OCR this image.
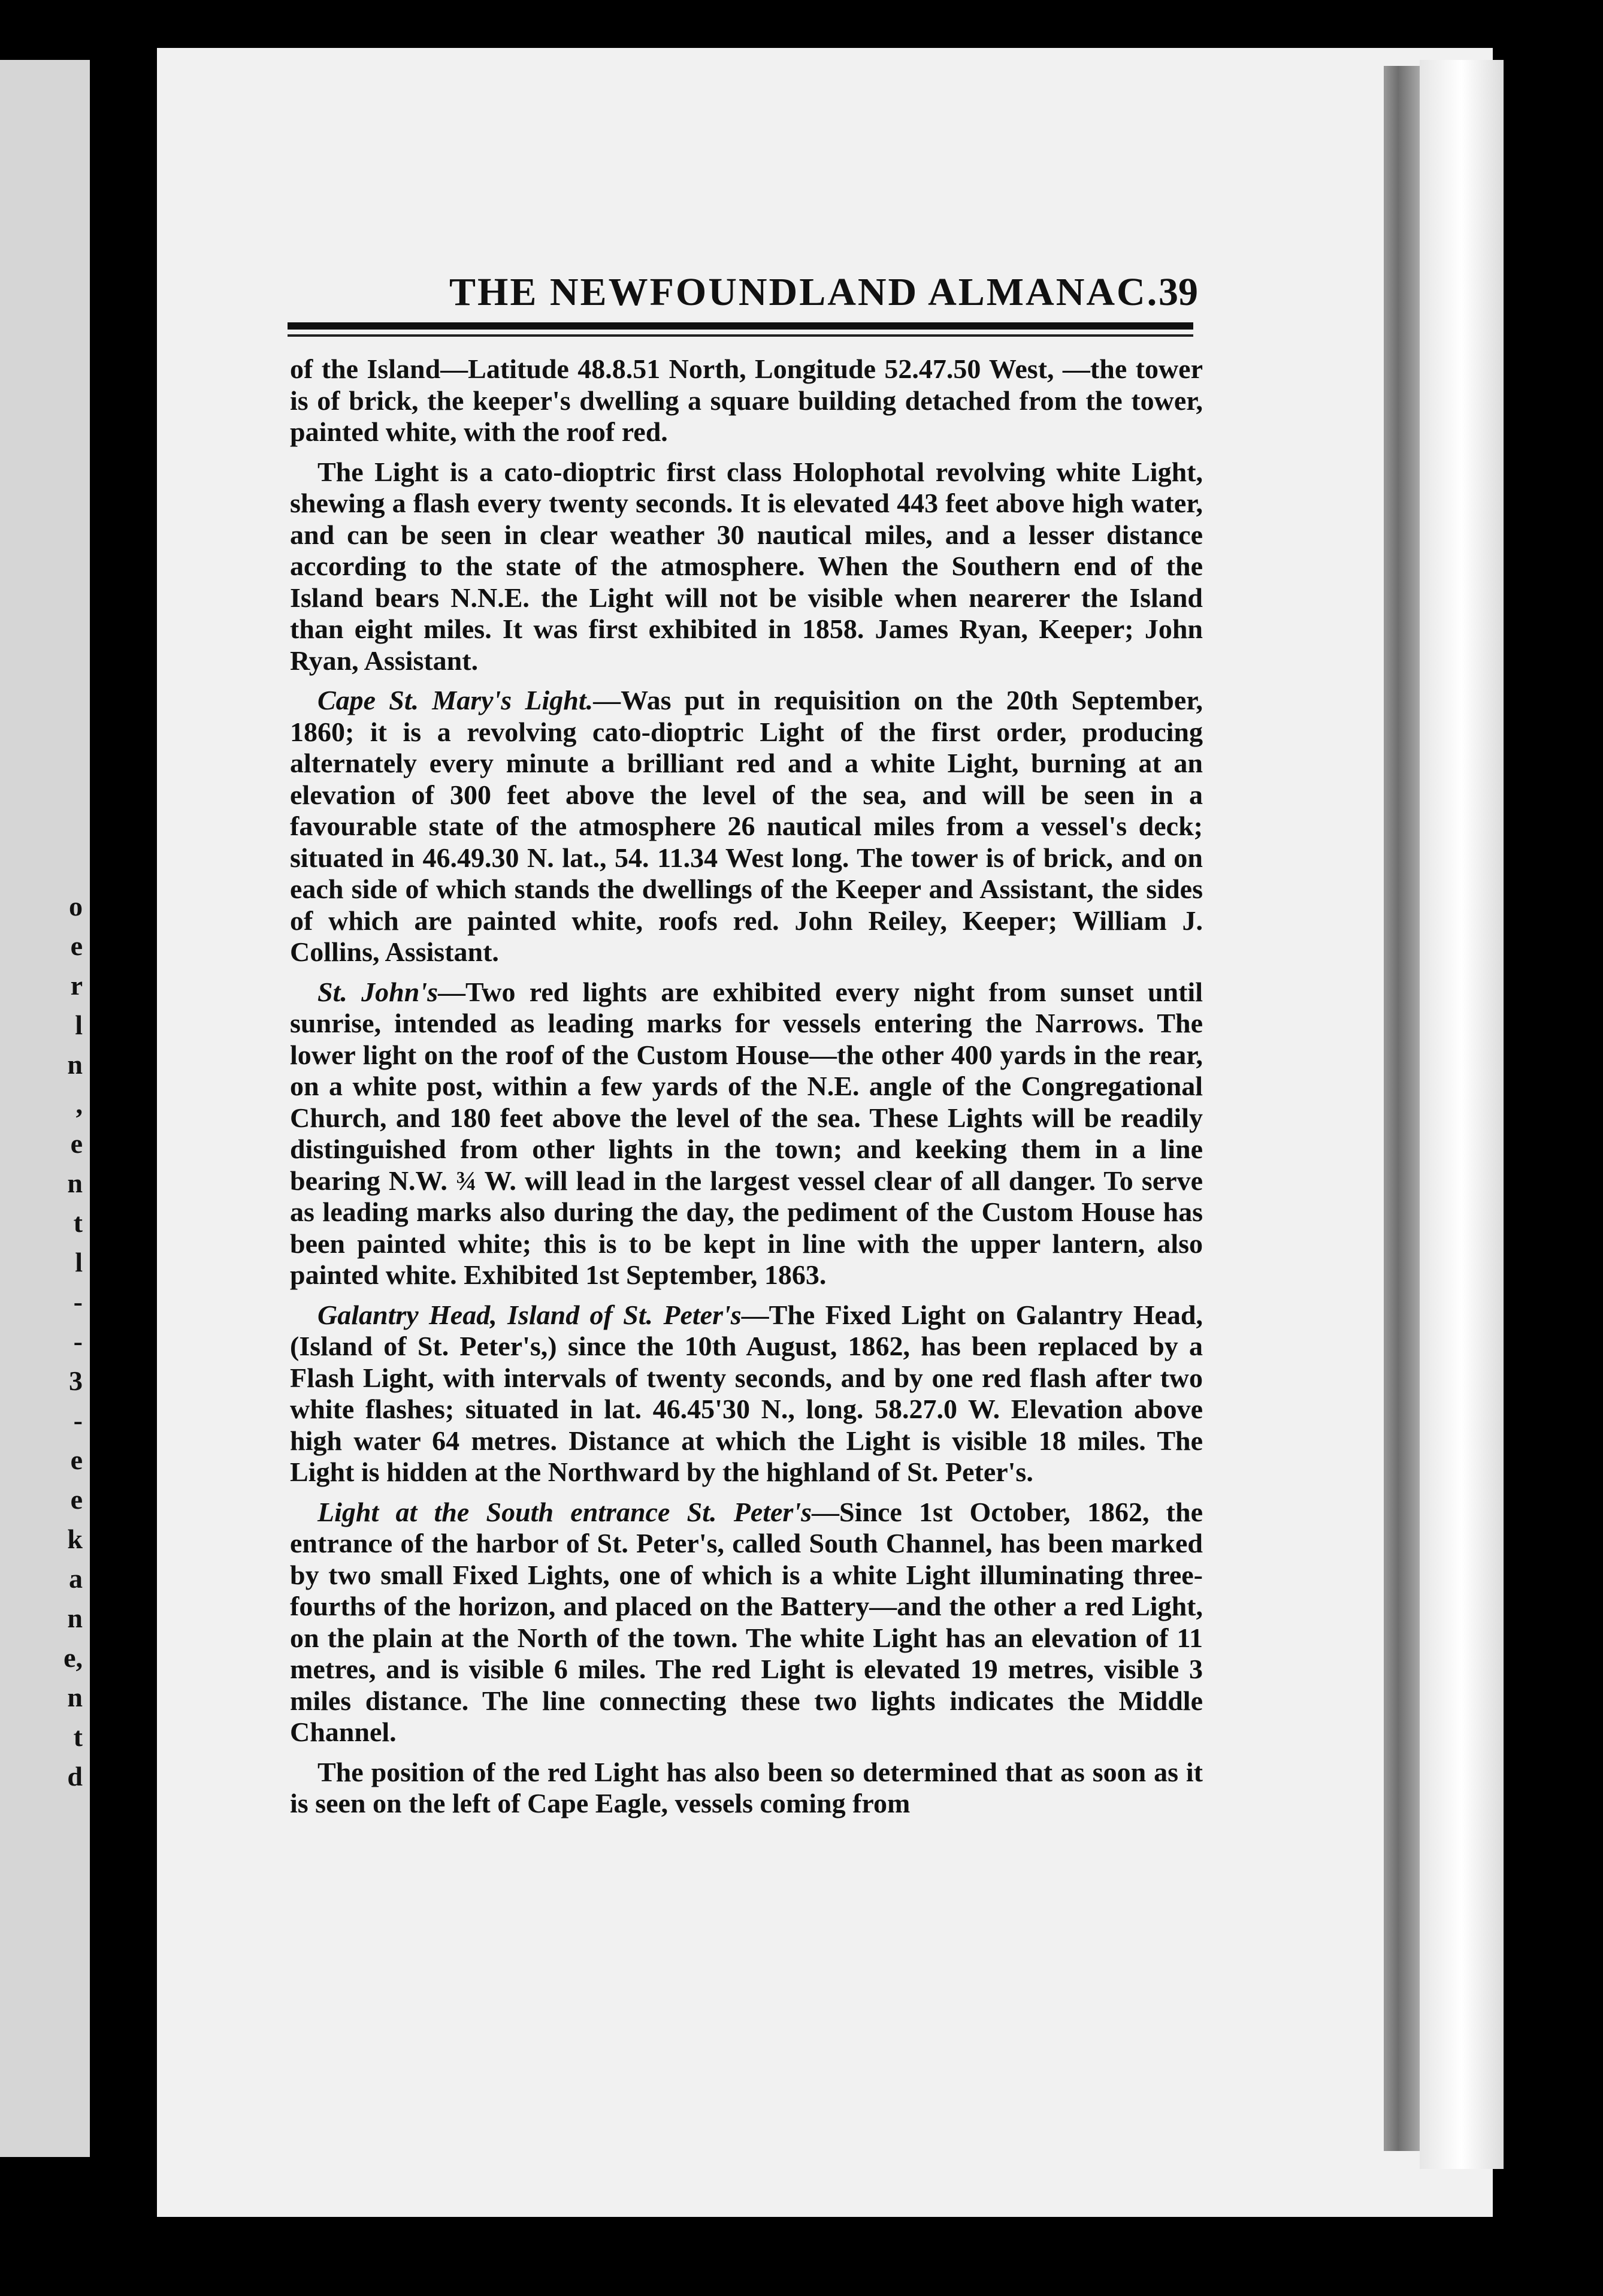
o
e
r
l
n
,
e
n
t
l
-
-
3
-
e
e
k
a
n
e,
n
t
d
THE NEWFOUNDLAND ALMANAC. 39

of the Island—Latitude 48.8.51 North, Longitude 52.47.50 West, —the tower is of brick, the keeper's dwelling a square building detached from the tower, painted white, with the roof red.

The Light is a cato-dioptric first class Holophotal revolving white Light, shewing a flash every twenty seconds. It is elevated 443 feet above high water, and can be seen in clear weather 30 nautical miles, and a lesser distance according to the state of the atmosphere. When the Southern end of the Island bears N.N.E. the Light will not be visible when nearerer the Island than eight miles. It was first exhibited in 1858. James Ryan, Keeper; John Ryan, Assistant.

Cape St. Mary's Light.—Was put in requisition on the 20th September, 1860; it is a revolving cato-dioptric Light of the first order, producing alternately every minute a brilliant red and a white Light, burning at an elevation of 300 feet above the level of the sea, and will be seen in a favourable state of the atmosphere 26 nautical miles from a vessel's deck; situated in 46.49.30 N. lat., 54. 11.34 West long. The tower is of brick, and on each side of which stands the dwellings of the Keeper and Assistant, the sides of which are painted white, roofs red. John Reiley, Keeper; William J. Collins, Assistant.

St. John's—Two red lights are exhibited every night from sunset until sunrise, intended as leading marks for vessels entering the Narrows. The lower light on the roof of the Custom House—the other 400 yards in the rear, on a white post, within a few yards of the N.E. angle of the Congregational Church, and 180 feet above the level of the sea. These Lights will be readily distinguished from other lights in the town; and keeking them in a line bearing N.W. ¾ W. will lead in the largest vessel clear of all danger. To serve as leading marks also during the day, the pediment of the Custom House has been painted white; this is to be kept in line with the upper lantern, also painted white. Exhibited 1st September, 1863.

Galantry Head, Island of St. Peter's—The Fixed Light on Galantry Head, (Island of St. Peter's,) since the 10th August, 1862, has been replaced by a Flash Light, with intervals of twenty seconds, and by one red flash after two white flashes; situated in lat. 46.45'30 N., long. 58.27.0 W. Elevation above high water 64 metres. Distance at which the Light is visible 18 miles. The Light is hidden at the Northward by the highland of St. Peter's.

Light at the South entrance St. Peter's—Since 1st October, 1862, the entrance of the harbor of St. Peter's, called South Channel, has been marked by two small Fixed Lights, one of which is a white Light illuminating three-fourths of the horizon, and placed on the Battery—and the other a red Light, on the plain at the North of the town. The white Light has an elevation of 11 metres, and is visible 6 miles. The red Light is elevated 19 metres, visible 3 miles distance. The line connecting these two lights indicates the Middle Channel.

The position of the red Light has also been so determined that as soon as it is seen on the left of Cape Eagle, vessels coming from
